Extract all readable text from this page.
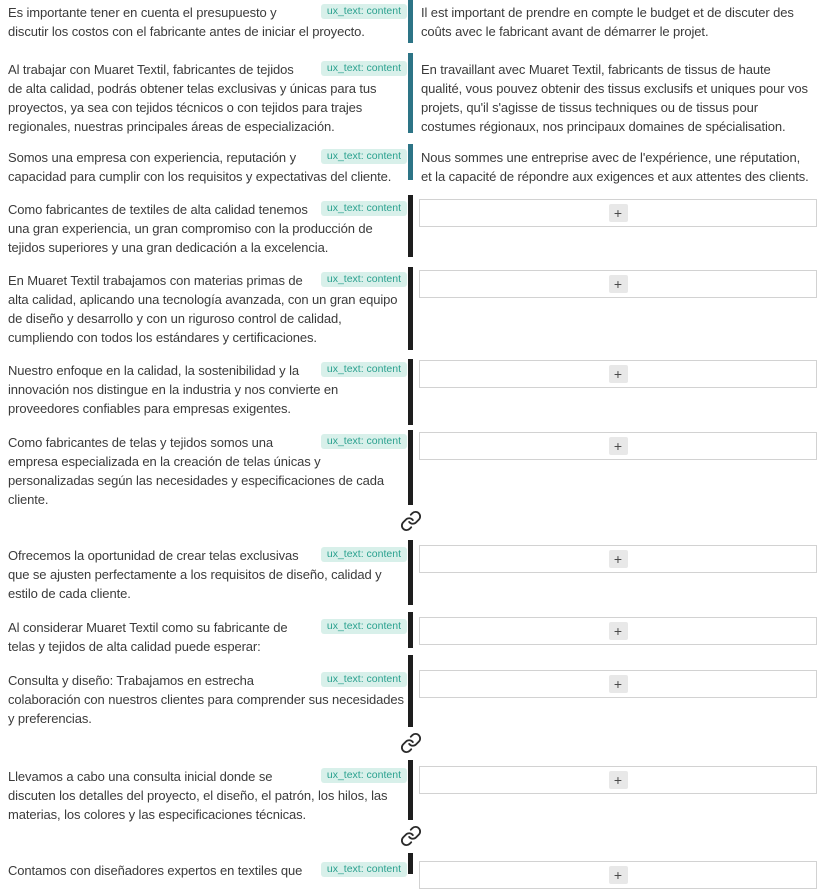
ux_text: content
Es importante tener en cuenta el presupuesto y discutir los costos con el fabricante antes de iniciar el proyecto.
ux_text: content
Al trabajar con Muaret Textil, fabricantes de tejidos de alta calidad, podrás obtener telas exclusivas y únicas para tus proyectos, ya sea con tejidos técnicos o con tejidos para trajes regionales, nuestras principales áreas de especialización.
ux_text: content
Somos una empresa con experiencia, reputación y capacidad para cumplir con los requisitos y expectativas del cliente.
ux_text: content
Como fabricantes de textiles de alta calidad tenemos una gran experiencia, un gran compromiso con la producción de tejidos superiores y una gran dedicación a la excelencia.
ux_text: content
En Muaret Textil trabajamos con materias primas de alta calidad, aplicando una tecnología avanzada, con un gran equipo de diseño y desarrollo y con un riguroso control de calidad, cumpliendo con todos los estándares y certificaciones.
ux_text: content
Nuestro enfoque en la calidad, la sostenibilidad y la innovación nos distingue en la industria y nos convierte en proveedores confiables para empresas exigentes.
ux_text: content
Como fabricantes de telas y tejidos somos una empresa especializada en la creación de telas únicas y personalizadas según las necesidades y especificaciones de cada cliente.
ux_text: content
Ofrecemos la oportunidad de crear telas exclusivas que se ajusten perfectamente a los requisitos de diseño, calidad y estilo de cada cliente.
ux_text: content
Al considerar Muaret Textil como su fabricante de telas y tejidos de alta calidad puede esperar:
ux_text: content
Consulta y diseño: Trabajamos en estrecha colaboración con nuestros clientes para comprender sus necesidades y preferencias.
ux_text: content
Llevamos a cabo una consulta inicial donde se discuten los detalles del proyecto, el diseño, el patrón, los hilos, las materias, los colores y las especificaciones técnicas.
ux_text: content
Contamos con diseñadores expertos en textiles que
Il est important de prendre en compte le budget et de discuter des coûts avec le fabricant avant de démarrer le projet.
En travaillant avec Muaret Textil, fabricants de tissus de haute qualité, vous pouvez obtenir des tissus exclusifs et uniques pour vos projets, qu'il s'agisse de tissus techniques ou de tissus pour costumes régionaux, nos principaux domaines de spécialisation.
Nous sommes une entreprise avec de l'expérience, une réputation, et la capacité de répondre aux exigences et aux attentes des clients.
+
+
+
+
+
+
+
+
+
